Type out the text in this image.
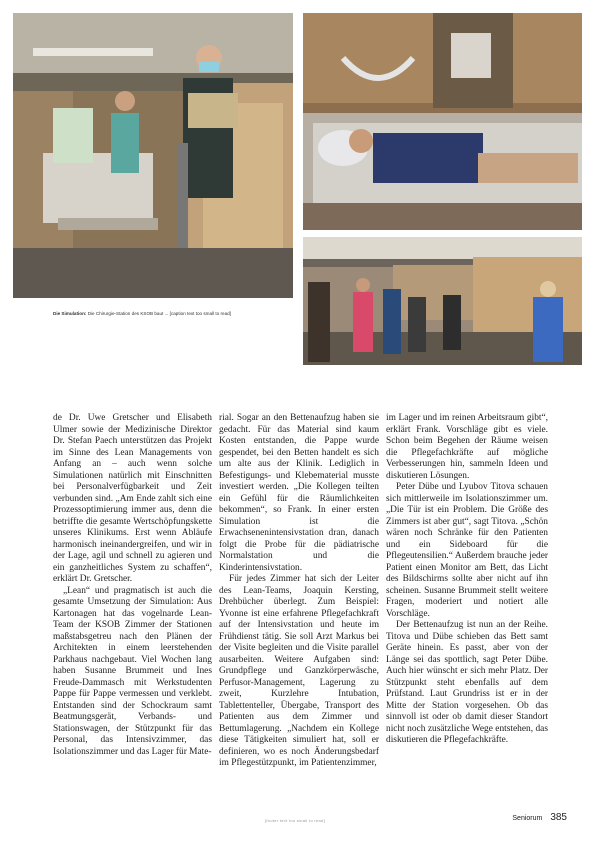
Die Simulation: Die Chirurgie-Station des KSOB baut ... [caption text too small to read]

de Dr. Uwe Gretscher und Elisabeth Ulmer sowie der Medizinische Direktor Dr. Stefan Paech unterstützen das Projekt im Sinne des Lean Managements von Anfang an – auch wenn solche Simulationen natürlich mit Einschnitten bei Personalverfügbarkeit und Zeit verbunden sind. „Am Ende zahlt sich eine Prozessoptimierung immer aus, denn die betriffte die gesamte Wertschöpfungskette unseres Klinikums. Erst wenn Abläufe harmonisch ineinandergreifen, und wir in der Lage, agil und schnell zu agieren und ein ganzheitliches System zu schaffen“, erklärt Dr. Gretscher.

„Lean“ und pragmatisch ist auch die gesamte Umsetzung der Simulation: Aus Kartonagen hat das vogelnarde Lean-Team der KSOB Zimmer der Stationen maßstabsgetreu nach den Plänen der Architekten in einem leerstehenden Parkhaus nachgebaut. Viel Wochen lang haben Susanne Brummeit und Ines Freude-Dammasch mit Werkstudenten Pappe für Pappe vermessen und verklebt. Entstanden sind der Schockraum samt Beatmungsgerät, Verbands- und Stationswagen, der Stützpunkt für das Personal, das Intensivzimmer, das Isolationszimmer und das Lager für Mate-

rial. Sogar an den Bettenaufzug haben sie gedacht. Für das Material sind kaum Kosten entstanden, die Pappe wurde gespendet, bei den Betten handelt es sich um alte aus der Klinik. Lediglich in Befestigungs- und Klebematerial musste investiert werden. „Die Kollegen teilten ein Gefühl für die Räumlichkeiten bekommen“, so Frank. In einer ersten Simulation ist die Erwachsenenintensivstation dran, danach folgt die Probe für die pädiatrische Normalstation und die Kinderintensivstation.

Für jedes Zimmer hat sich der Leiter des Lean-Teams, Joaquin Kersting, Drehbücher überlegt. Zum Beispiel: Yvonne ist eine erfahrene Pflegefachkraft auf der Intensivstation und heute im Frühdienst tätig. Sie soll Arzt Markus bei der Visite begleiten und die Visite parallel ausarbeiten. Weitere Aufgaben sind: Grundpflege und Ganzkörperwäsche, Perfusor-Management, Lagerung zu zweit, Kurzlehre Intubation, Tablettenteller, Übergabe, Transport des Patienten aus dem Zimmer und Bettumlagerung. „Nachdem ein Kollege diese Tätigkeiten simuliert hat, soll er definieren, wo es noch Änderungsbedarf im Pflegestützpunkt, im Patientenzimmer,

im Lager und im reinen Arbeitsraum gibt“, erklärt Frank. Vorschläge gibt es viele. Schon beim Begehen der Räume weisen die Pflegefachkräfte auf mögliche Verbesserungen hin, sammeln Ideen und diskutieren Lösungen.

Peter Dübe und Lyubov Titova schauen sich mittlerweile im Isolationszimmer um. „Die Tür ist ein Problem. Die Größe des Zimmers ist aber gut“, sagt Titova. „Schön wären noch Schränke für den Patienten und ein Sideboard für die Pflegeutensilien.“ Außerdem brauche jeder Patient einen Monitor am Bett, das Licht des Bildschirms sollte aber nicht auf ihn scheinen. Susanne Brummeit stellt weitere Fragen, moderiert und notiert alle Vorschläge.

Der Bettenaufzug ist nun an der Reihe. Titova und Dübe schieben das Bett samt Geräte hinein. Es passt, aber von der Länge sei das spottlich, sagt Peter Dübe. Auch hier wünscht er sich mehr Platz. Der Stützpunkt steht ebenfalls auf dem Prüfstand. Laut Grundriss ist er in der Mitte der Station vorgesehen. Ob das sinnvoll ist oder ob damit dieser Standort nicht noch zusätzliche Wege entstehen, das diskutieren die Pflegefachkräfte.

[footer text too small to read]	Seniorum 385
